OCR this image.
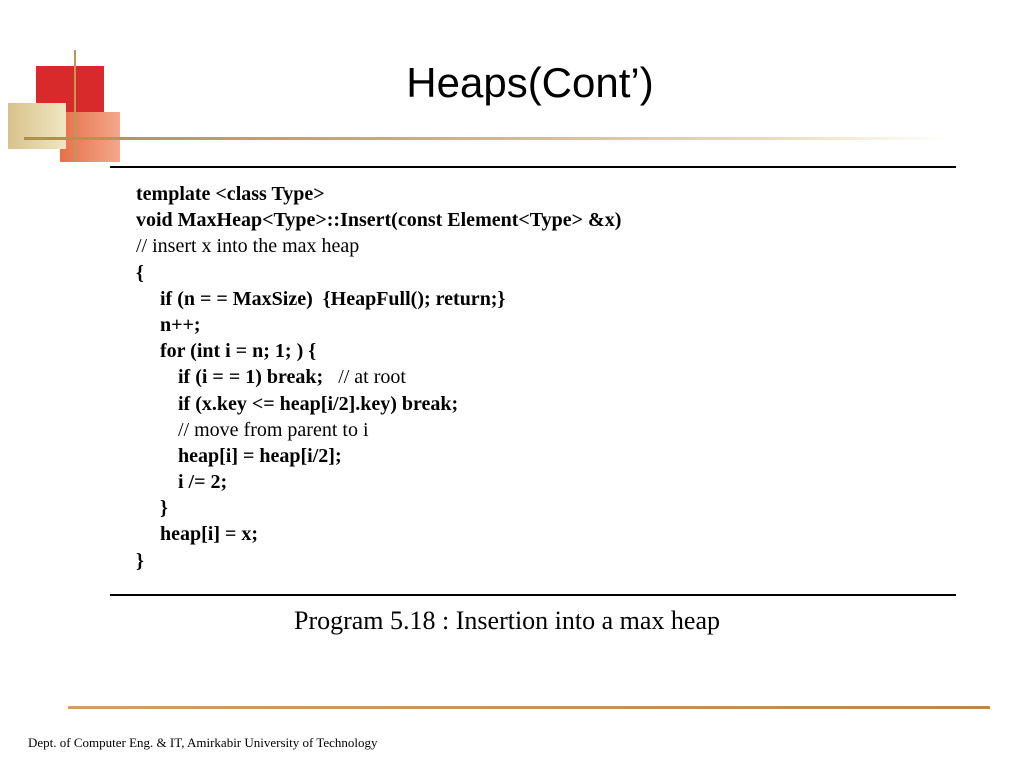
Heaps(Cont’)
template <class Type>
void MaxHeap<Type>::Insert(const Element<Type> &x)
// insert x into the max heap
{
if (n = = MaxSize)  {HeapFull(); return;}
n++;
for (int i = n; 1; ) {
if (i = = 1) break;   // at root
if (x.key <= heap[i/2].key) break;
// move from parent to i
heap[i] = heap[i/2];
i /= 2;
}
heap[i] = x;
}
Program 5.18 : Insertion into a max heap
Dept. of Computer Eng. & IT, Amirkabir University of Technology
